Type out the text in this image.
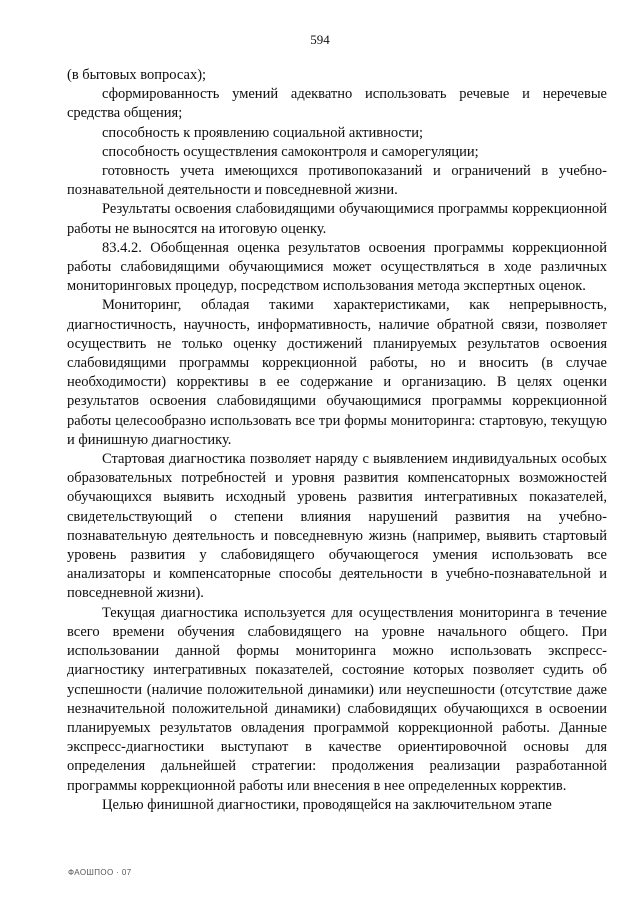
594

(в бытовых вопросах);

сформированность умений адекватно использовать речевые и неречевые средства общения;

способность к проявлению социальной активности;

способность осуществления самоконтроля и саморегуляции;

готовность учета имеющихся противопоказаний и ограничений в учебно-познавательной деятельности и повседневной жизни.

Результаты освоения слабовидящими обучающимися программы коррекционной работы не выносятся на итоговую оценку.

83.4.2. Обобщенная оценка результатов освоения программы коррекционной работы слабовидящими обучающимися может осуществляться в ходе различных мониторинговых процедур, посредством использования метода экспертных оценок.

Мониторинг, обладая такими характеристиками, как непрерывность, диагностичность, научность, информативность, наличие обратной связи, позволяет осуществить не только оценку достижений планируемых результатов освоения слабовидящими программы коррекционной работы, но и вносить (в случае необходимости) коррективы в ее содержание и организацию. В целях оценки результатов освоения слабовидящими обучающимися программы коррекционной работы целесообразно использовать все три формы мониторинга: стартовую, текущую и финишную диагностику.

Стартовая диагностика позволяет наряду с выявлением индивидуальных особых образовательных потребностей и уровня развития компенсаторных возможностей обучающихся выявить исходный уровень развития интегративных показателей, свидетельствующий о степени влияния нарушений развития на учебно-познавательную деятельность и повседневную жизнь (например, выявить стартовый уровень развития у слабовидящего обучающегося умения использовать все анализаторы и компенсаторные способы деятельности в учебно-познавательной и повседневной жизни).

Текущая диагностика используется для осуществления мониторинга в течение всего времени обучения слабовидящего на уровне начального общего. При использовании данной формы мониторинга можно использовать экспресс-диагностику интегративных показателей, состояние которых позволяет судить об успешности (наличие положительной динамики) или неуспешности (отсутствие даже незначительной положительной динамики) слабовидящих обучающихся в освоении планируемых результатов овладения программой коррекционной работы. Данные экспресс-диагностики выступают в качестве ориентировочной основы для определения дальнейшей стратегии: продолжения реализации разработанной программы коррекционной работы или внесения в нее определенных корректив.

Целью финишной диагностики, проводящейся на заключительном этапе

ФАОШПОО · 07
